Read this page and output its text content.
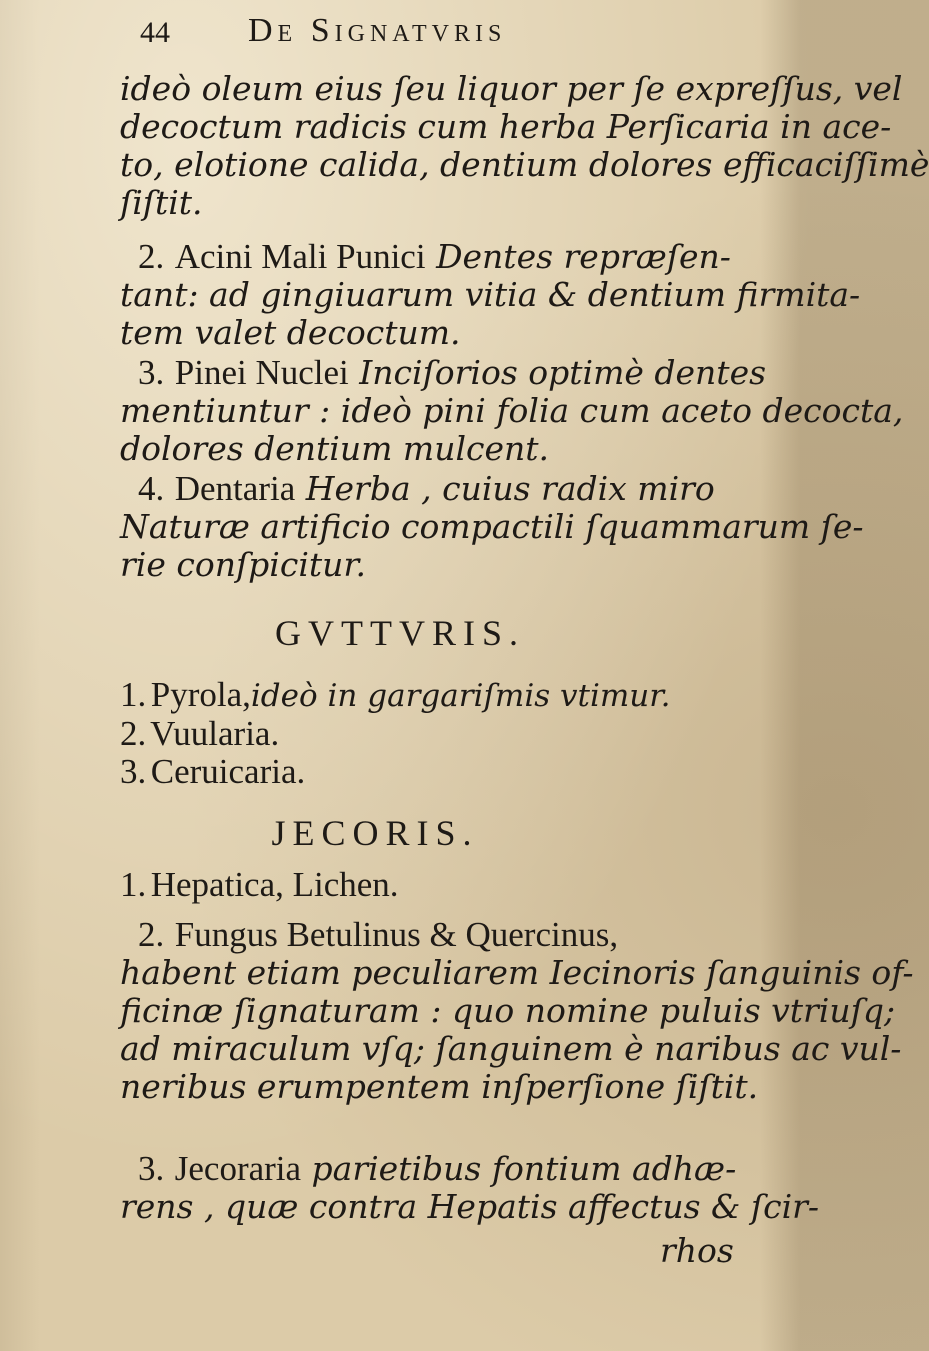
44 De Signatvris
ideò oleum eius ſeu liquor per ſe expreſſus, vel
decoctum radicis cum herba Perſicaria in ace-
to, elotione calida, dentium dolores efficaciſſimè
ſiſtit.
2. Acini Mali Punici Dentes repræſen-
tant: ad gingiuarum vitia & dentium firmita-
tem valet decoctum.
3. Pinei Nuclei Inciſorios optimè dentes
mentiuntur : ideò pini folia cum aceto decocta,
dolores dentium mulcent.
4. Dentaria Herba , cuius radix miro
Naturæ artificio compactili ſquammarum ſe-
rie conſpicitur.
GVTTVRIS.
1. Pyrola,ideò in gargariſmis vtimur.
2. Vuularia.
3. Ceruicaria.
JECORIS.
1. Hepatica, Lichen.
2. Fungus Betulinus & Quercinus,
habent etiam peculiarem Iecinoris ſanguinis of-
ficinæ ſignaturam : quo nomine puluis vtriuſq;
ad miraculum vſq; ſanguinem è naribus ac vul-
neribus erumpentem inſperſione ſiſtit.
3. Jecoraria parietibus fontium adhæ-
rens , quæ contra Hepatis affectus & ſcir-
rhos
